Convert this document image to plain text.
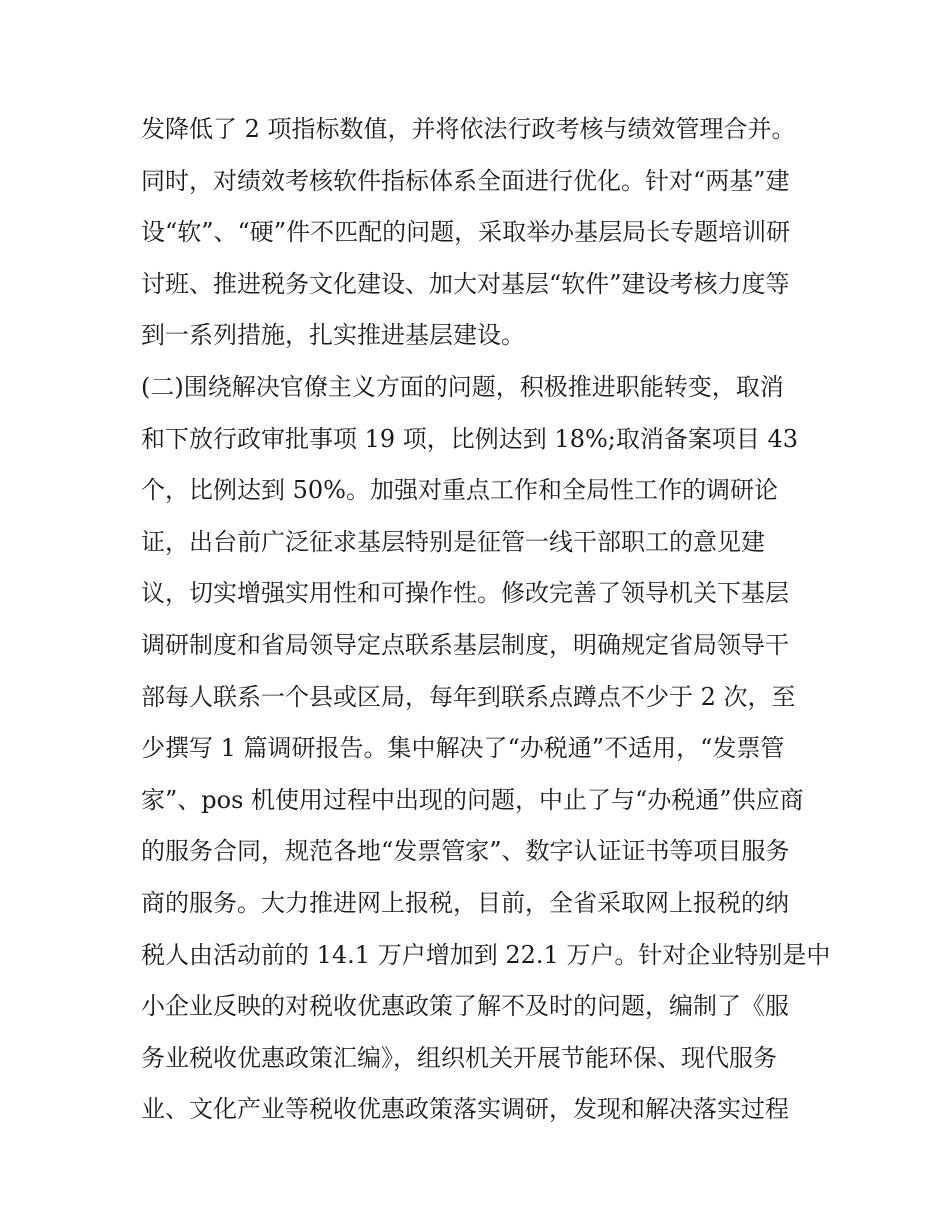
发降低了 2 项指标数值，并将依法行政考核与绩效管理合并。
同时，对绩效考核软件指标体系全面进行优化。针对“两基”建
设“软”、“硬”件不匹配的问题，采取举办基层局长专题培训研
讨班、推进税务文化建设、加大对基层“软件”建设考核力度等
到一系列措施，扎实推进基层建设。
(二)围绕解决官僚主义方面的问题，积极推进职能转变，取消
和下放行政审批事项 19 项，比例达到 18%;取消备案项目 43
个，比例达到 50%。加强对重点工作和全局性工作的调研论
证，出台前广泛征求基层特别是征管一线干部职工的意见建
议，切实增强实用性和可操作性。修改完善了领导机关下基层
调研制度和省局领导定点联系基层制度，明确规定省局领导干
部每人联系一个县或区局，每年到联系点蹲点不少于 2 次，至
少撰写 1 篇调研报告。集中解决了“办税通”不适用，“发票管
家”、pos 机使用过程中出现的问题，中止了与“办税通”供应商
的服务合同，规范各地“发票管家”、数字认证证书等项目服务
商的服务。大力推进网上报税，目前，全省采取网上报税的纳
税人由活动前的 14.1 万户增加到 22.1 万户。针对企业特别是中
小企业反映的对税收优惠政策了解不及时的问题，编制了《服
务业税收优惠政策汇编》，组织机关开展节能环保、现代服务
业、文化产业等税收优惠政策落实调研，发现和解决落实过程
